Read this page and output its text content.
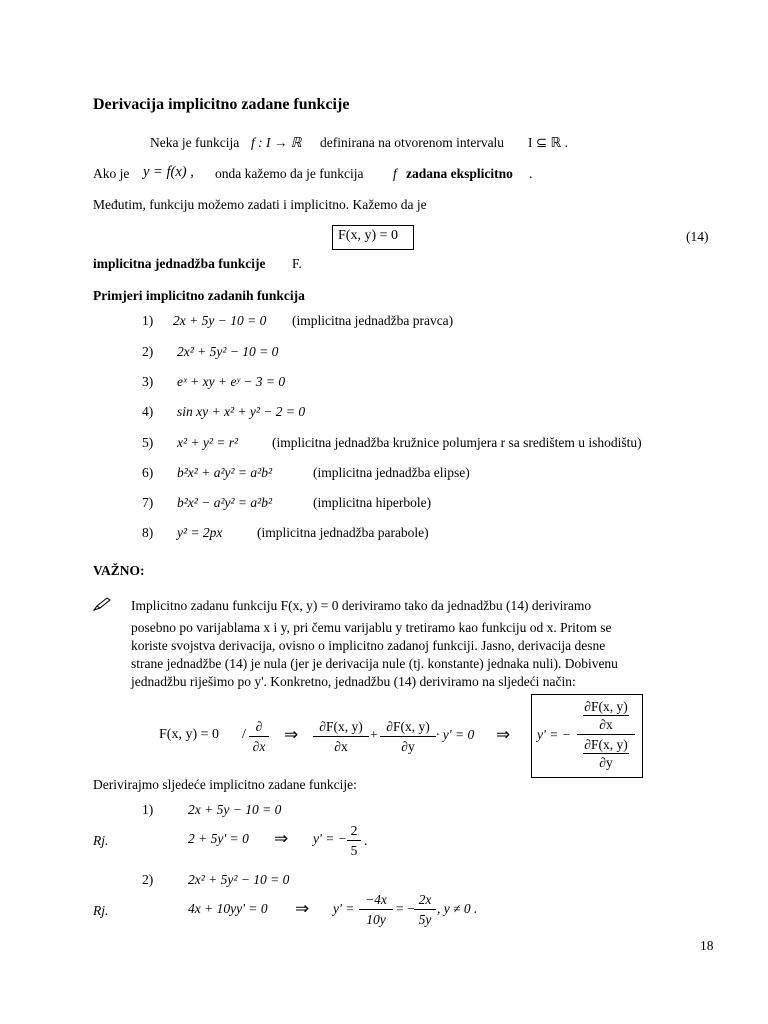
Derivacija implicitno zadane funkcije
Neka je funkcija f : I → ℝ definirana na otvorenom intervalu I ⊆ ℝ .
Ako je y = f(x) , onda kažemo da je funkcija f zadana eksplicitno .
Međutim, funkciju možemo zadati i implicitno. Kažemo da je
F(x, y) = 0	(14)
implicitna jednadžba funkcije F.
Primjeri implicitno zadanih funkcija
1) 2x + 5y − 10 = 0 (implicitna jednadžba pravca)
2) 2x² + 5y² − 10 = 0
3) eˣ + xy + eʸ − 3 = 0
4) sin xy + x² + y² − 2 = 0
5) x² + y² = r²	(implicitna jednadžba kružnice polumjera r sa središtem u ishodištu)
6) b²x² + a²y² = a²b²	(implicitna jednadžba elipse)
7) b²x² − a²y² = a²b²	(implicitna hiperbole)
8) y² = 2px	(implicitna jednadžba parabole)
VAŽNO:
Implicitno zadanu funkciju F(x, y) = 0 deriviramo tako da jednadžbu (14) deriviramo
posebno po varijablama x i y, pri čemu varijablu y tretiramo kao funkciju od x. Pritom se
koriste svojstva derivacija, ovisno o implicitno zadanoj funkciji. Jasno, derivacija desne
strane jednadžbe (14) je nula (jer je derivacija nule (tj. konstante) jednaka nuli). Dobivenu
jednadžbu riješimo po y'. Konkretno, jednadžbu (14) deriviramo na sljedeći način:
F(x, y) = 0 /
∂
∂x
⇒	∂F(x, y)
∂x
+
∂F(x, y)
∂y
· y' = 0 ⇒ y' = −
∂F(x, y)
∂x
∂F(x, y)
∂y
Derivirajmo sljedeće implicitno zadane funkcije:
1)	2x + 5y − 10 = 0
Rj.	2 + 5y' = 0 ⇒ y' = −
2
5
.
2)	2x² + 5y² − 10 = 0
Rj.	4x + 10yy' = 0 ⇒ y' =
−4x
10y
= −
2x
5y
, y ≠ 0 .
18
